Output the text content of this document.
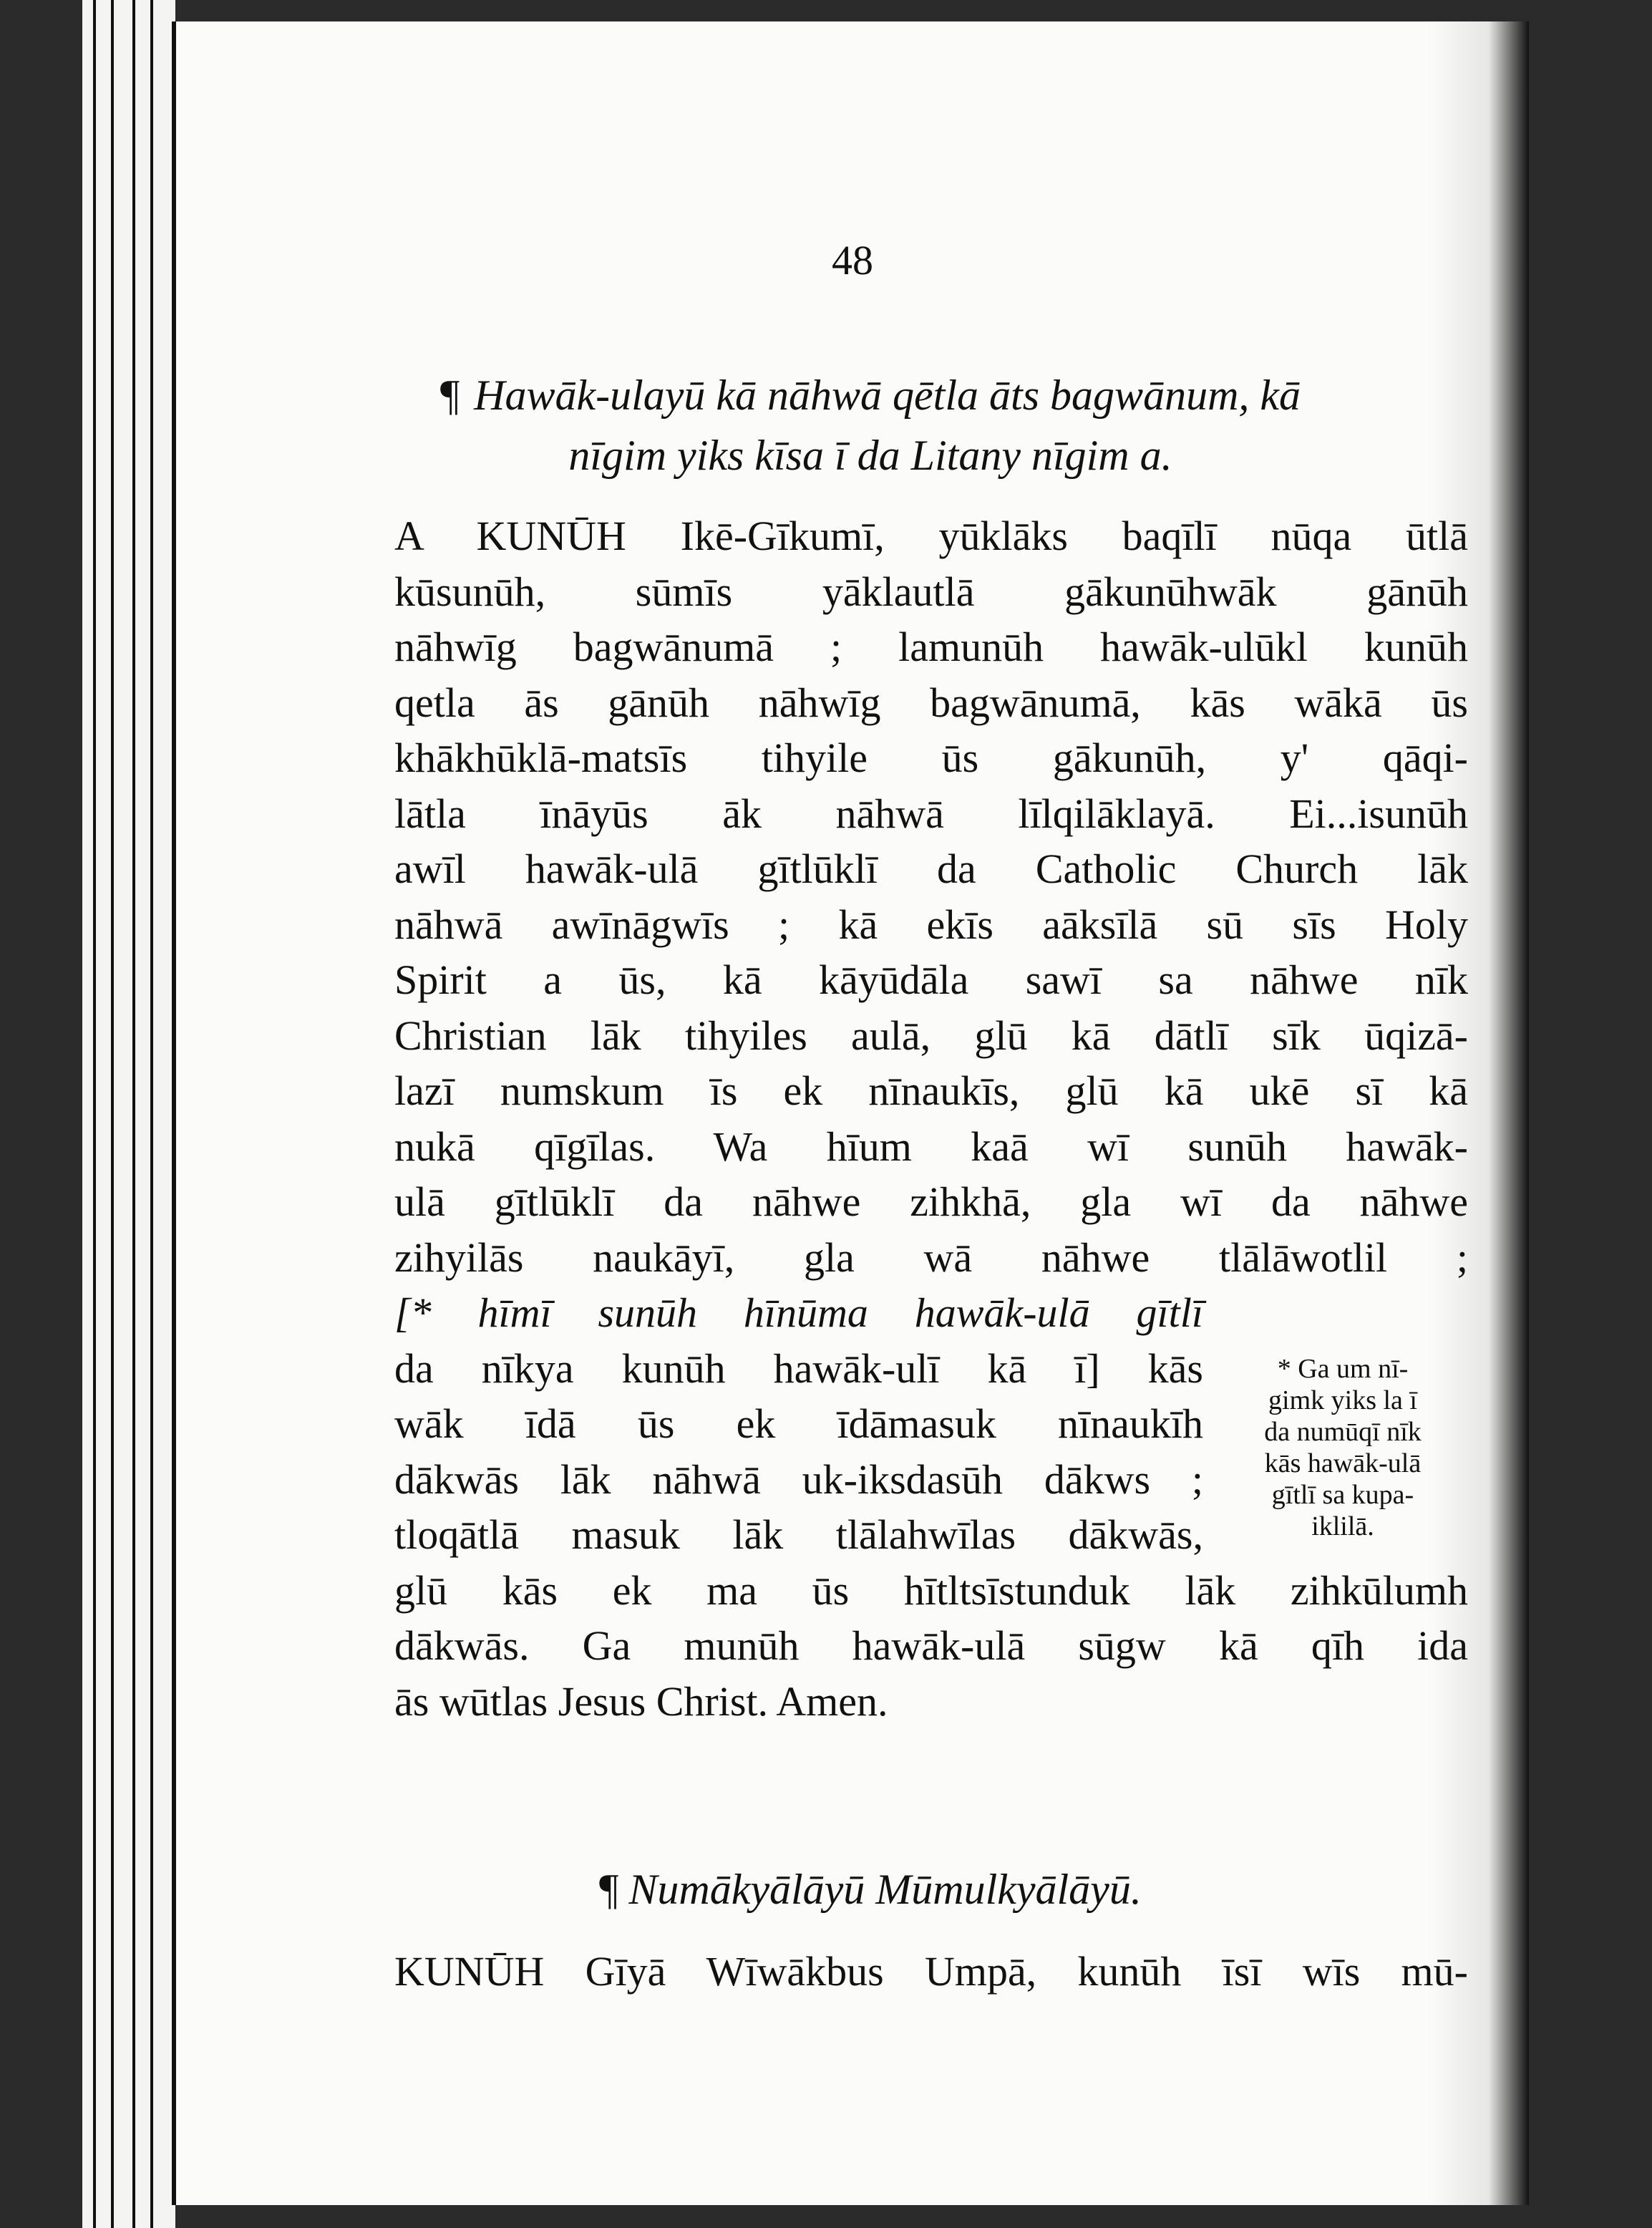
48
¶ Hawāk-ulayū kā nāhwā qētla āts bagwānum, kā
nīgim yiks kīsa ī da Litany nīgim a.
A KUNŪH Ikē-Gīkumī, yūklāks baqīlī nūqa ūtlā
kūsunūh, sūmīs yāklautlā gākunūhwāk gānūh
nāhwīg bagwānumā ; lamunūh hawāk-ulūkl kunūh
qetla ās gānūh nāhwīg bagwānumā, kās wākā ūs
khākhūklā-matsīs tihyile ūs gākunūh, y' qāqi-
lātla īnāyūs āk nāhwā līlqilāklayā. Ei...isunūh
awīl hawāk-ulā gītlūklī da Catholic Church lāk
nāhwā awīnāgwīs ; kā ekīs aāksīlā sū sīs Holy
Spirit a ūs, kā kāyūdāla sawī sa nāhwe nīk
Christian lāk tihyiles aulā, glū kā dātlī sīk ūqizā-
lazī numskum īs ek nīnaukīs, glū kā ukē sī kā
nukā qīgīlas. Wa hīum kaā wī sunūh hawāk-
ulā gītlūklī da nāhwe zihkhā, gla wī da nāhwe
zihyilās naukāyī, gla wā nāhwe tlālāwotlil ;
[* hīmī sunūh hīnūma hawāk-ulā gītlī
da nīkya kunūh hawāk-ulī kā ī] kās
wāk īdā ūs ek īdāmasuk nīnaukīh
dākwās lāk nāhwā uk-iksdasūh dākws ;
tloqātlā masuk lāk tlālahwīlas dākwās,
glū kās ek ma ūs hītltsīstunduk lāk zihkūlumh
dākwās. Ga munūh hawāk-ulā sūgw kā qīh ida
ās wūtlas Jesus Christ. Amen.
* Ga um nī-
gimk yiks la ī
da numūqī nīk
kās hawāk-ulā
gītlī sa kupa-
iklilā.
¶ Numākyālāyū Mūmulkyālāyū.
KUNŪH Gīyā Wīwākbus Umpā, kunūh īsī wīs mū-
